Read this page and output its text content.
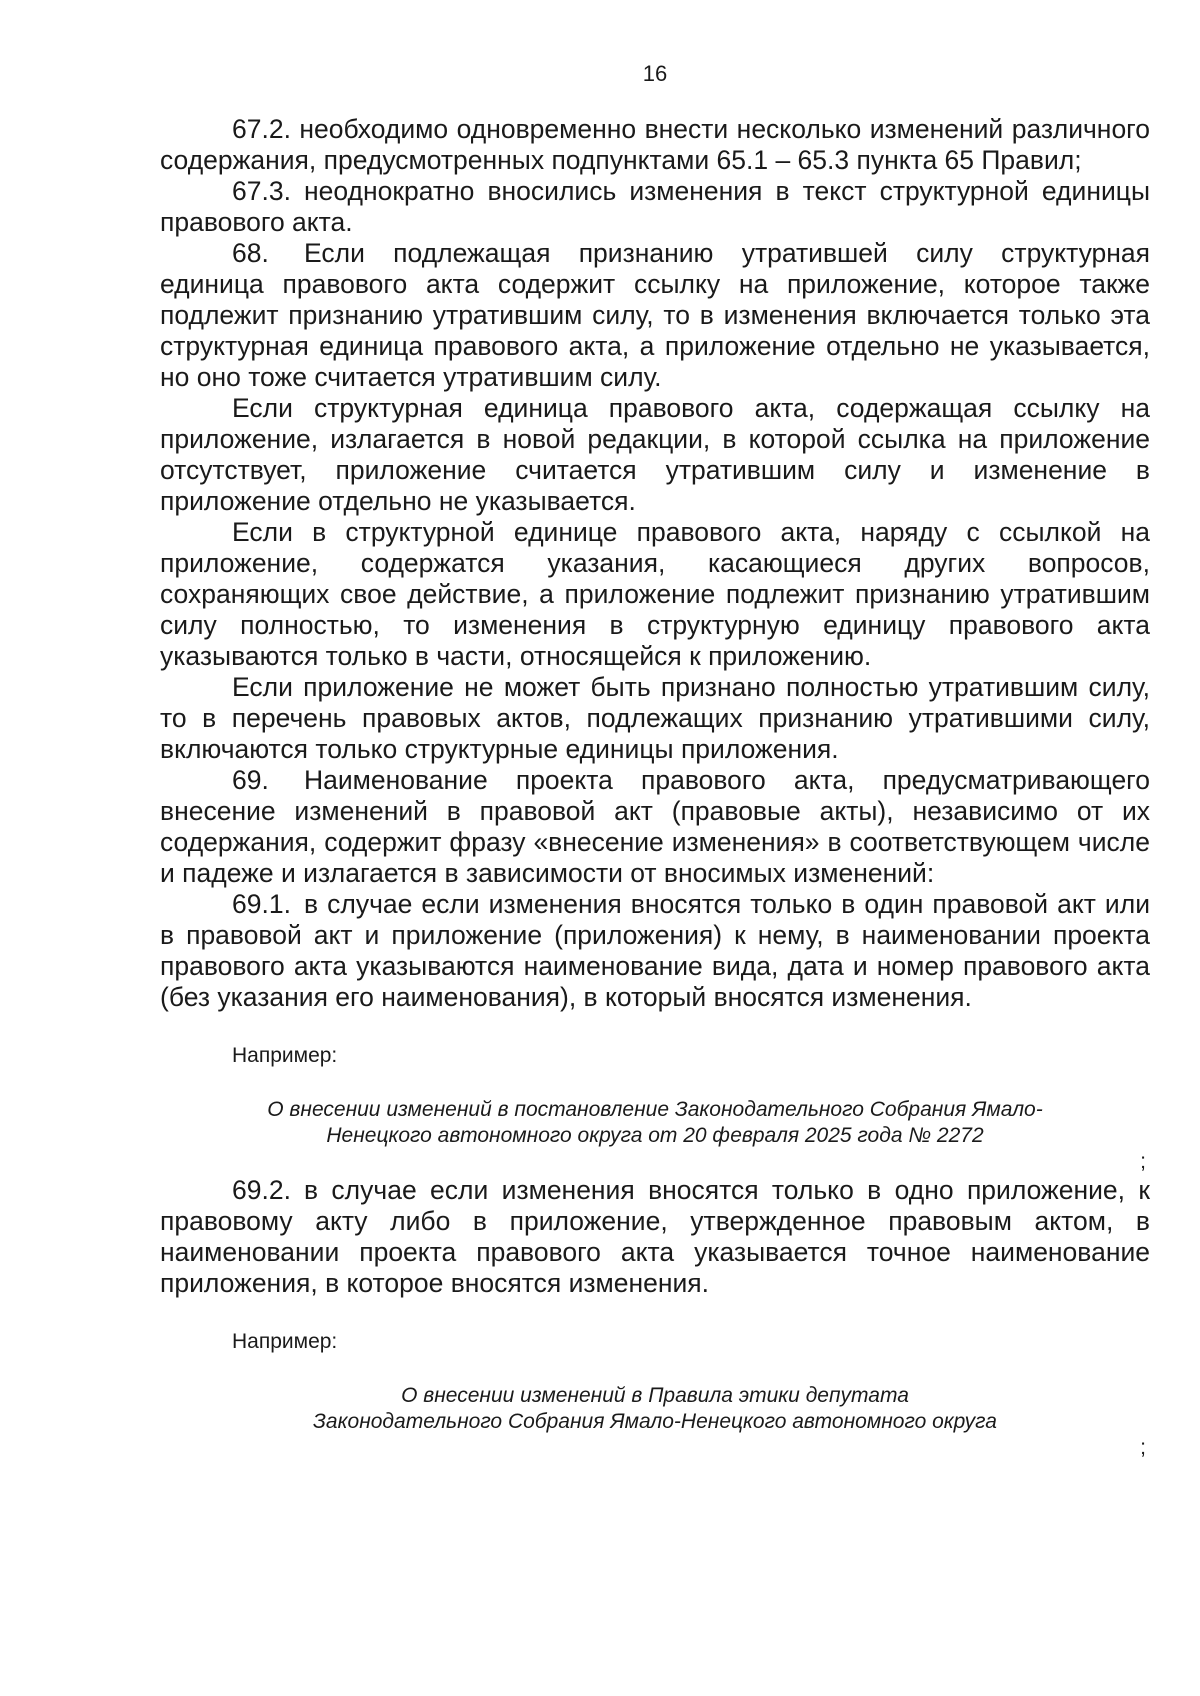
16

67.2. необходимо одновременно внести несколько изменений различного содержания, предусмотренных подпунктами 65.1 – 65.3 пункта 65 Правил;

67.3. неоднократно вносились изменения в текст структурной единицы правового акта.

68. Если подлежащая признанию утратившей силу структурная единица правового акта содержит ссылку на приложение, которое также подлежит признанию утратившим силу, то в изменения включается только эта структурная единица правового акта, а приложение отдельно не указывается, но оно тоже считается утратившим силу.

Если структурная единица правового акта, содержащая ссылку на приложение, излагается в новой редакции, в которой ссылка на приложение отсутствует, приложение считается утратившим силу и изменение в приложение отдельно не указывается.

Если в структурной единице правового акта, наряду с ссылкой на приложение, содержатся указания, касающиеся других вопросов, сохраняющих свое действие, а приложение подлежит признанию утратившим силу полностью, то изменения в структурную единицу правового акта указываются только в части, относящейся к приложению.

Если приложение не может быть признано полностью утратившим силу, то в перечень правовых актов, подлежащих признанию утратившими силу, включаются только структурные единицы приложения.

69. Наименование проекта правового акта, предусматривающего внесение изменений в правовой акт (правовые акты), независимо от их содержания, содержит фразу «внесение изменения» в соответствующем числе и падеже и излагается в зависимости от вносимых изменений:

69.1. в случае если изменения вносятся только в один правовой акт или в правовой акт и приложение (приложения) к нему, в наименовании проекта правового акта указываются наименование вида, дата и номер правового акта (без указания его наименования), в который вносятся изменения.

Например:

О внесении изменений в постановление Законодательного Собрания Ямало-
Ненецкого автономного округа от 20 февраля 2025 года № 2272

;

69.2. в случае если изменения вносятся только в одно приложение, к правовому акту либо в приложение, утвержденное правовым актом, в наименовании проекта правового акта указывается точное наименование приложения, в которое вносятся изменения.

Например:

О внесении изменений в Правила этики депутата
Законодательного Собрания Ямало-Ненецкого автономного округа

;
